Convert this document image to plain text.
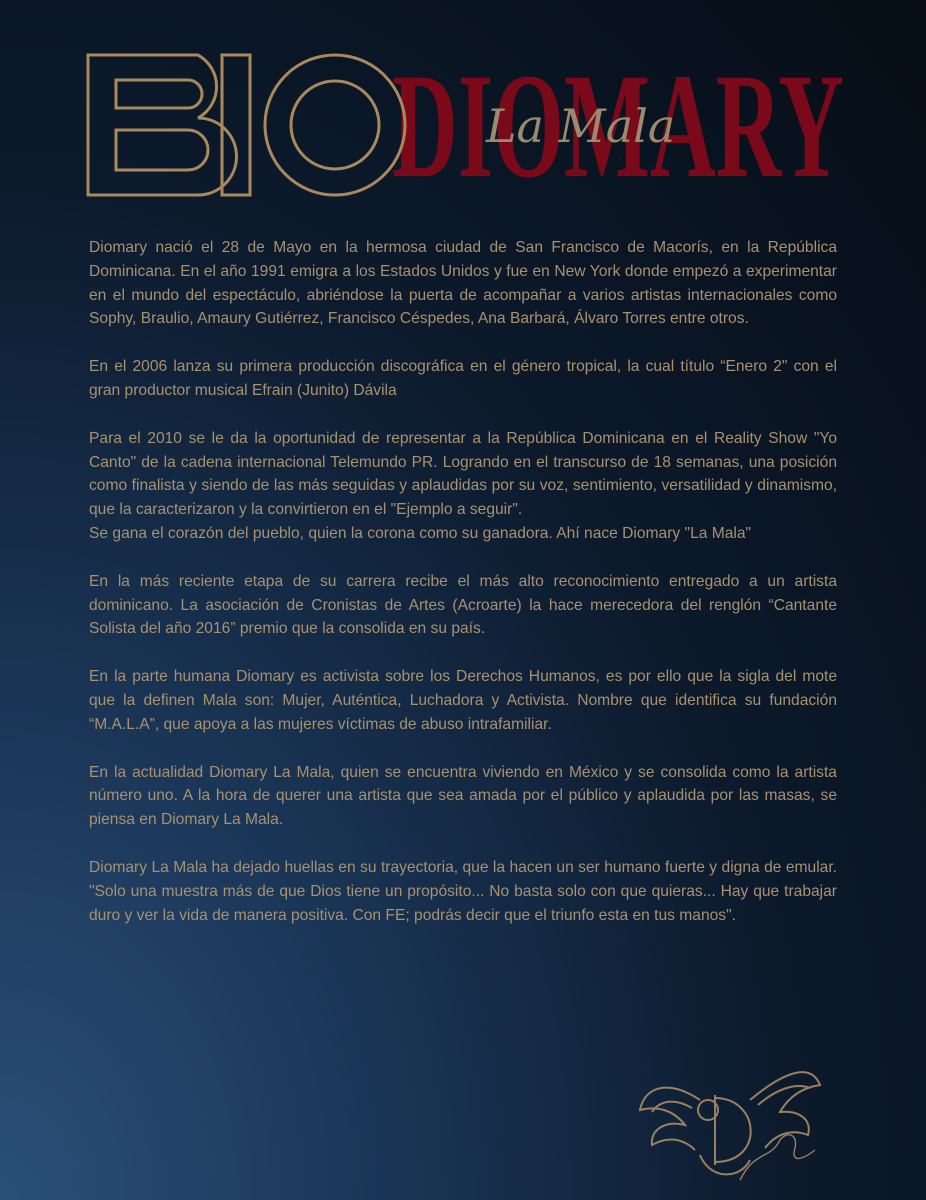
DIOMARY
La Mala

Diomary nació el 28 de Mayo en la hermosa ciudad de San Francisco de Macorís, en la República Dominicana. En el año 1991 emigra a los Estados Unidos y fue en New York donde empezó a experimentar en el mundo del espectáculo, abriéndose la puerta de acompañar a varios artistas internacionales como Sophy, Braulio, Amaury Gutiérrez, Francisco Céspedes, Ana Barbará, Álvaro Torres entre otros.

En el 2006 lanza su primera producción discográfica en el género tropical, la cual título “Enero 2" con el gran productor musical Efrain (Junito) Dávila

Para el 2010 se le da la oportunidad de representar a la República Dominicana en el Reality Show "Yo Canto" de la cadena internacional Telemundo PR. Logrando en el transcurso de 18 semanas, una posición como finalista y siendo de las más seguidas y aplaudidas por su voz, sentimiento, versatilidad y dinamismo, que la caracterizaron y la convirtieron en el "Ejemplo a seguir".
Se gana el corazón del pueblo, quien la corona como su ganadora. Ahí nace Diomary "La Mala"

En la más reciente etapa de su carrera recibe el más alto reconocimiento entregado a un artista dominicano. La asociación de Cronistas de Artes (Acroarte) la hace merecedora del renglón “Cantante Solista del año 2016” premio que la consolida en su país.

En la parte humana Diomary es activista sobre los Derechos Humanos, es por ello que la sigla del mote que la definen Mala son: Mujer, Auténtica, Luchadora y Activista. Nombre que identifica su fundación “M.A.L.A”, que apoya a las mujeres víctimas de abuso intrafamiliar.

En la actualidad Diomary La Mala, quien se encuentra viviendo en México y se consolida como la artista número uno. A la hora de querer una artista que sea amada por el público y aplaudida por las masas, se piensa en Diomary La Mala.

Diomary La Mala ha dejado huellas en su trayectoria, que la hacen un ser humano fuerte y digna de emular. "Solo una muestra más de que Dios tiene un propósito... No basta solo con que quieras... Hay que trabajar duro y ver la vida de manera positiva. Con FE; podrás decir que el triunfo esta en tus manos".
